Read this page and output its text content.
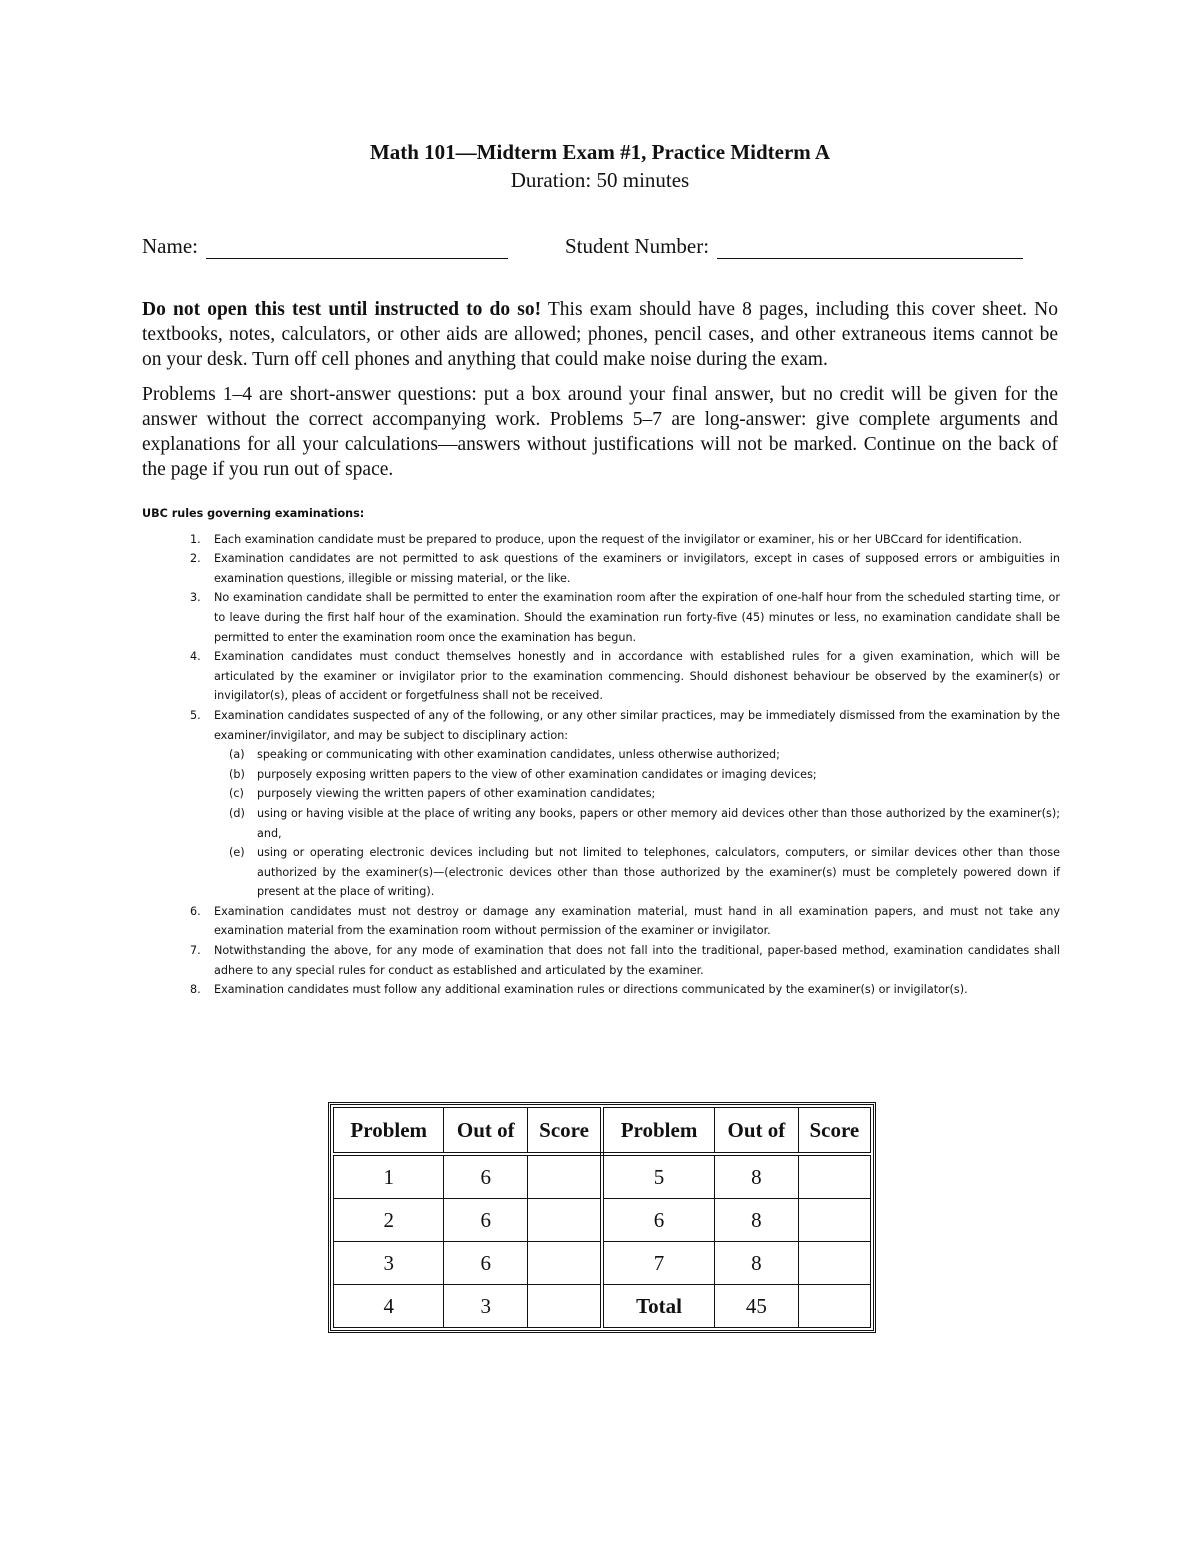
Math 101—Midterm Exam #1, Practice Midterm A
Duration: 50 minutes
Name:	Student Number:

Do not open this test until instructed to do so! This exam should have 8 pages, including this cover sheet. No textbooks, notes, calculators, or other aids are allowed; phones, pencil cases, and other extraneous items cannot be on your desk. Turn off cell phones and anything that could make noise during the exam.

Problems 1–4 are short-answer questions: put a box around your final answer, but no credit will be given for the answer without the correct accompanying work. Problems 5–7 are long-answer: give complete arguments and explanations for all your calculations—answers without justifications will not be marked. Continue on the back of the page if you run out of space.

UBC rules governing examinations:
1. Each examination candidate must be prepared to produce, upon the request of the invigilator or examiner, his or her UBCcard for identification.
2. Examination candidates are not permitted to ask questions of the examiners or invigilators, except in cases of supposed errors or ambiguities in examination questions, illegible or missing material, or the like.
3. No examination candidate shall be permitted to enter the examination room after the expiration of one-half hour from the scheduled starting time, or to leave during the first half hour of the examination. Should the examination run forty-five (45) minutes or less, no examination candidate shall be permitted to enter the examination room once the examination has begun.
4. Examination candidates must conduct themselves honestly and in accordance with established rules for a given examination, which will be articulated by the examiner or invigilator prior to the examination commencing. Should dishonest behaviour be observed by the examiner(s) or invigilator(s), pleas of accident or forgetfulness shall not be received.
5. Examination candidates suspected of any of the following, or any other similar practices, may be immediately dismissed from the examination by the examiner/invigilator, and may be subject to disciplinary action:
(a) speaking or communicating with other examination candidates, unless otherwise authorized;
(b) purposely exposing written papers to the view of other examination candidates or imaging devices;
(c) purposely viewing the written papers of other examination candidates;
(d) using or having visible at the place of writing any books, papers or other memory aid devices other than those authorized by the examiner(s); and,
(e) using or operating electronic devices including but not limited to telephones, calculators, computers, or similar devices other than those authorized by the examiner(s)—(electronic devices other than those authorized by the examiner(s) must be completely powered down if present at the place of writing).
6. Examination candidates must not destroy or damage any examination material, must hand in all examination papers, and must not take any examination material from the examination room without permission of the examiner or invigilator.
7. Notwithstanding the above, for any mode of examination that does not fall into the traditional, paper-based method, examination candidates shall adhere to any special rules for conduct as established and articulated by the examiner.
8. Examination candidates must follow any additional examination rules or directions communicated by the examiner(s) or invigilator(s).
Problem	Out of	Score	Problem	Out of	Score
1	6		5	8	
2	6		6	8	
3	6		7	8	
4	3		Total	45	
